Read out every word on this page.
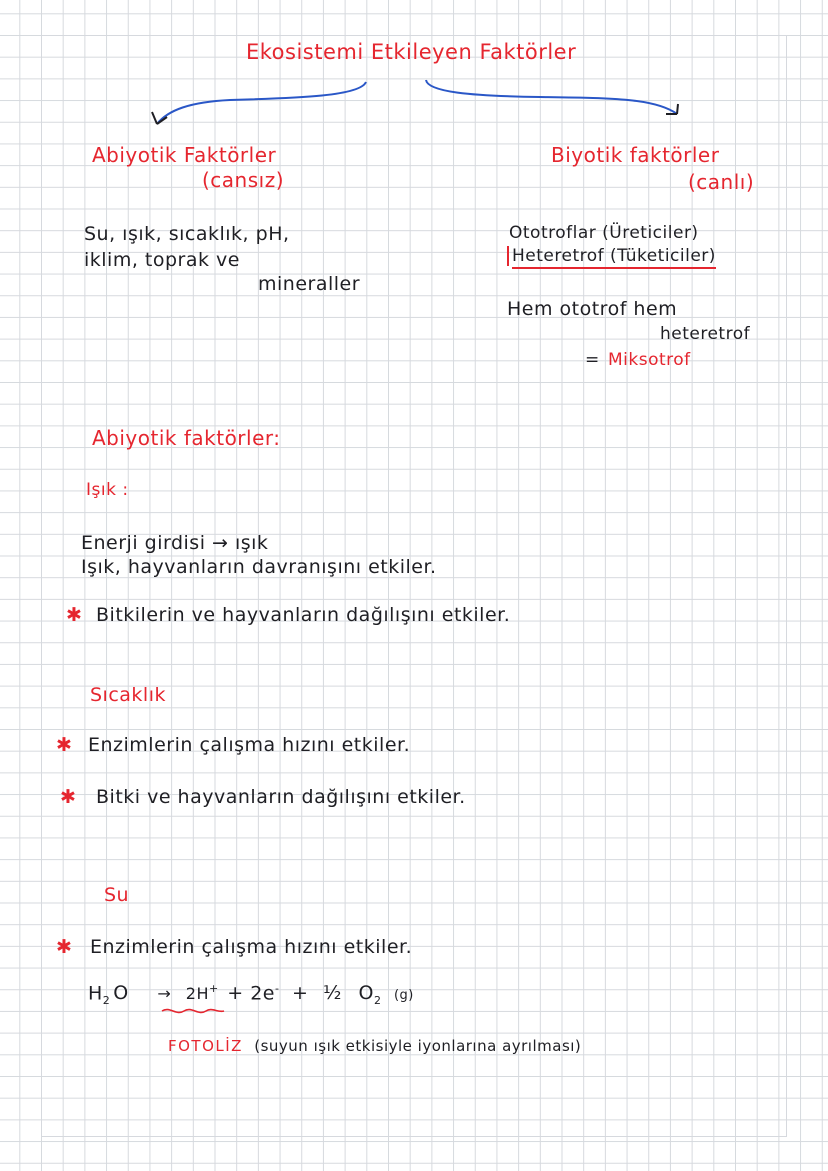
Ekosistemi Etkileyen Faktörler
Abiyotik Faktörler
(cansız)
Su, ışık, sıcaklık, pH,
iklim, toprak ve
mineraller
Biyotik faktörler
(canlı)
Ototroflar (Üreticiler)
Heteretrof (Tüketiciler)
Hem ototrof hem
heteretrof
= Miksotrof
Abiyotik faktörler:
Işık :
Enerji girdisi → ışık
Işık, hayvanların davranışını etkiler.
✱ Bitkilerin ve hayvanların dağılışını etkiler.
Sıcaklık
✱ Enzimlerin çalışma hızını etkiler.
✱ Bitki ve hayvanların dağılışını etkiler.
Su
✱ Enzimlerin çalışma hızını etkiler.
$H_2$ O → 2H+ + 2e- + ½ $O_2$ (g)
FOTOLİZ (suyun ışık etkisiyle iyonlarına ayrılması)
